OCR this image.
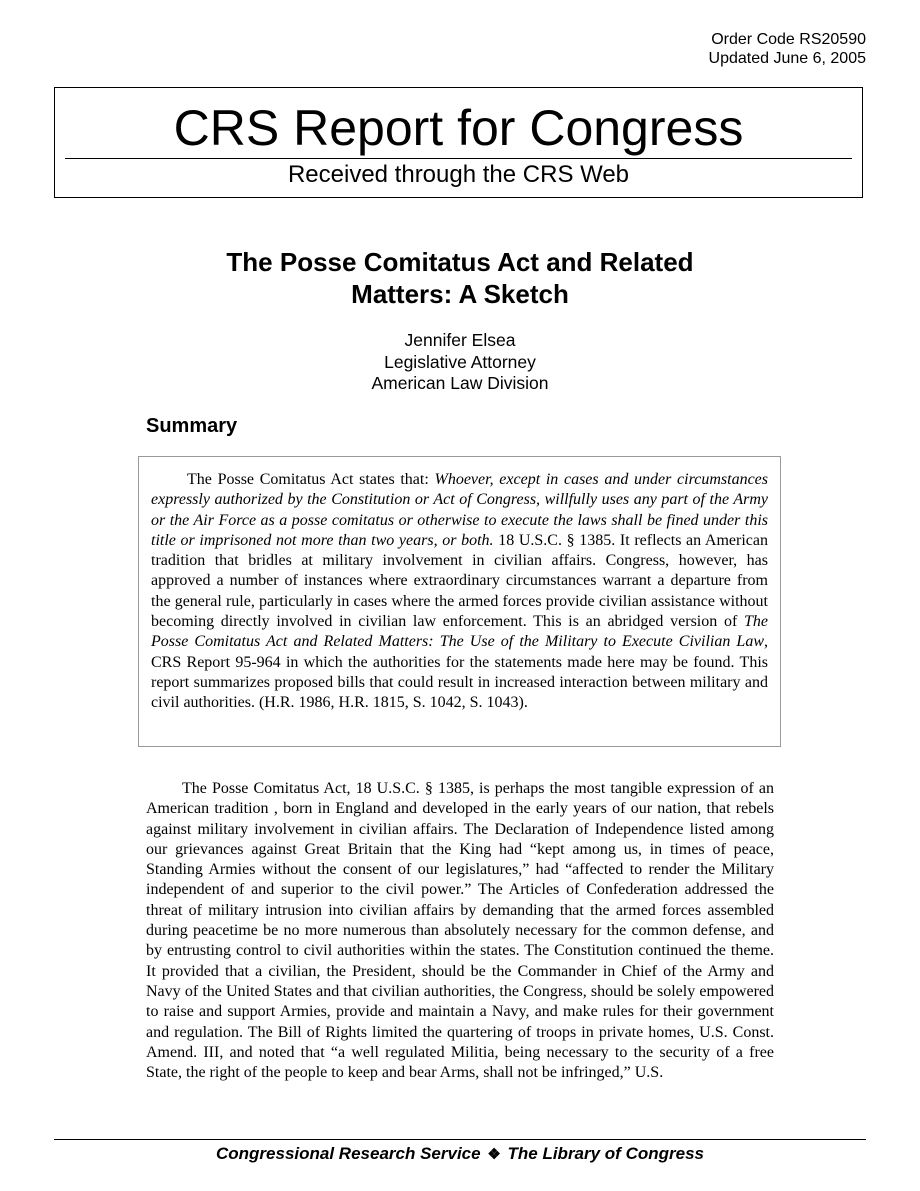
Order Code RS20590
Updated June 6, 2005
CRS Report for Congress
Received through the CRS Web
The Posse Comitatus Act and Related
Matters: A Sketch
Jennifer Elsea
Legislative Attorney
American Law Division
Summary

The Posse Comitatus Act states that: Whoever, except in cases and under circumstances expressly authorized by the Constitution or Act of Congress, willfully uses any part of the Army or the Air Force as a posse comitatus or otherwise to execute the laws shall be fined under this title or imprisoned not more than two years, or both. 18 U.S.C. § 1385. It reflects an American tradition that bridles at military involvement in civilian affairs. Congress, however, has approved a number of instances where extraordinary circumstances warrant a departure from the general rule, particularly in cases where the armed forces provide civilian assistance without becoming directly involved in civilian law enforcement. This is an abridged version of The Posse Comitatus Act and Related Matters: The Use of the Military to Execute Civilian Law, CRS Report 95-964 in which the authorities for the statements made here may be found. This report summarizes proposed bills that could result in increased interaction between military and civil authorities. (H.R. 1986, H.R. 1815, S. 1042, S. 1043).

The Posse Comitatus Act, 18 U.S.C. § 1385, is perhaps the most tangible expression of an American tradition , born in England and developed in the early years of our nation, that rebels against military involvement in civilian affairs. The Declaration of Independence listed among our grievances against Great Britain that the King had “kept among us, in times of peace, Standing Armies without the consent of our legislatures,” had “affected to render the Military independent of and superior to the civil power.” The Articles of Confederation addressed the threat of military intrusion into civilian affairs by demanding that the armed forces assembled during peacetime be no more numerous than absolutely necessary for the common defense, and by entrusting control to civil authorities within the states. The Constitution continued the theme. It provided that a civilian, the President, should be the Commander in Chief of the Army and Navy of the United States and that civilian authorities, the Congress, should be solely empowered to raise and support Armies, provide and maintain a Navy, and make rules for their government and regulation. The Bill of Rights limited the quartering of troops in private homes, U.S. Const. Amend. III, and noted that “a well regulated Militia, being necessary to the security of a free State, the right of the people to keep and bear Arms, shall not be infringed,” U.S.

Congressional Research Service ❖ The Library of Congress
